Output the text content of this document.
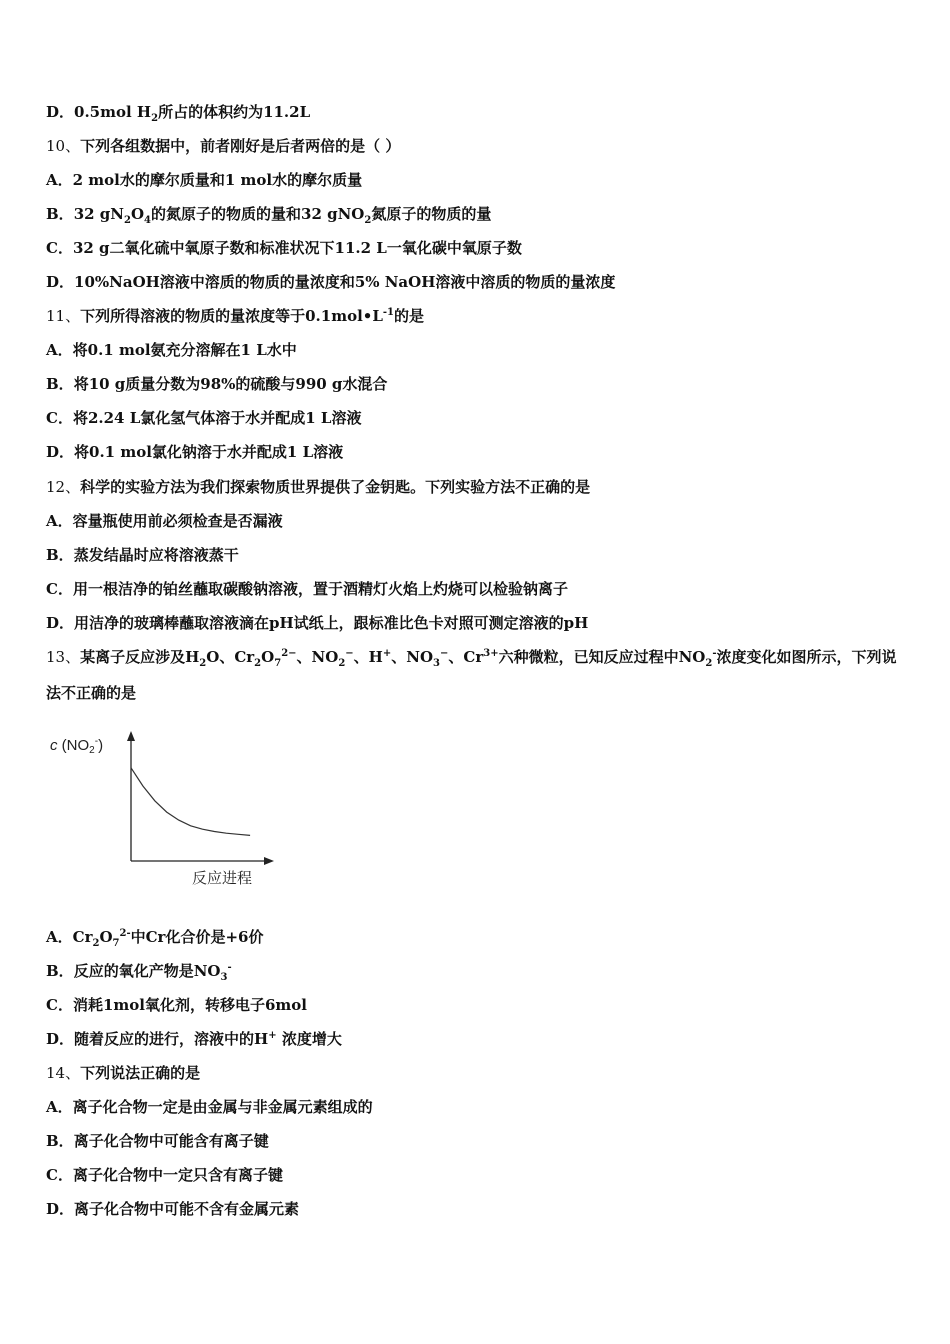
D．0.5mol $H_2$所占的体积约为11.2L
10、下列各组数据中，前者刚好是后者两倍的是（ ）
A．2 mol水的摩尔质量和1 mol水的摩尔质量
B．32 $gN_2O_4$的氮原子的物质的量和32 gNO$_2$氮原子的物质的量
C．32 g二氧化硫中氧原子数和标准状况下11.2 L一氧化碳中氧原子数
D．10%NaOH溶液中溶质的物质的量浓度和5% NaOH溶液中溶质的物质的量浓度
11、下列所得溶液的物质的量浓度等于$0.1mol•L^{-1}$的是
A．将0.1 mol氨充分溶解在1 L水中
B．将10 g质量分数为98%的硫酸与990 g水混合
C．将2.24 L氯化氢气体溶于水并配成1 L溶液
D．将0.1 mol氯化钠溶于水并配成1 L溶液
12、科学的实验方法为我们探索物质世界提供了金钥匙。下列实验方法不正确的是
A．容量瓶使用前必须检查是否漏液
B．蒸发结晶时应将溶液蒸干
C．用一根洁净的铂丝蘸取碳酸钠溶液，置于酒精灯火焰上灼烧可以检验钠离子
D．用洁净的玻璃棒蘸取溶液滴在pH试纸上，跟标准比色卡对照可测定溶液的pH
13、某离子反应涉及$H_2O$、$Cr_2O_7^{2-}$、$NO_2^-$、H+、$NO_3^-$、$Cr^{3+}$六种微粒，已知反应过程中$NO_2^-$浓度变化如图所示，下列说法不正确的是
c $(NO_2^-)$
反应进程
A．$Cr_2O_7^{2-}$中Cr化合价是+6价
B．反应的氧化产物是$NO_3^-$
C．消耗1mol氧化剂，转移电子6mol
D．随着反应的进行，溶液中的H+ 浓度增大
14、下列说法正确的是
A．离子化合物一定是由金属与非金属元素组成的
B．离子化合物中可能含有离子键
C．离子化合物中一定只含有离子键
D．离子化合物中可能不含有金属元素
